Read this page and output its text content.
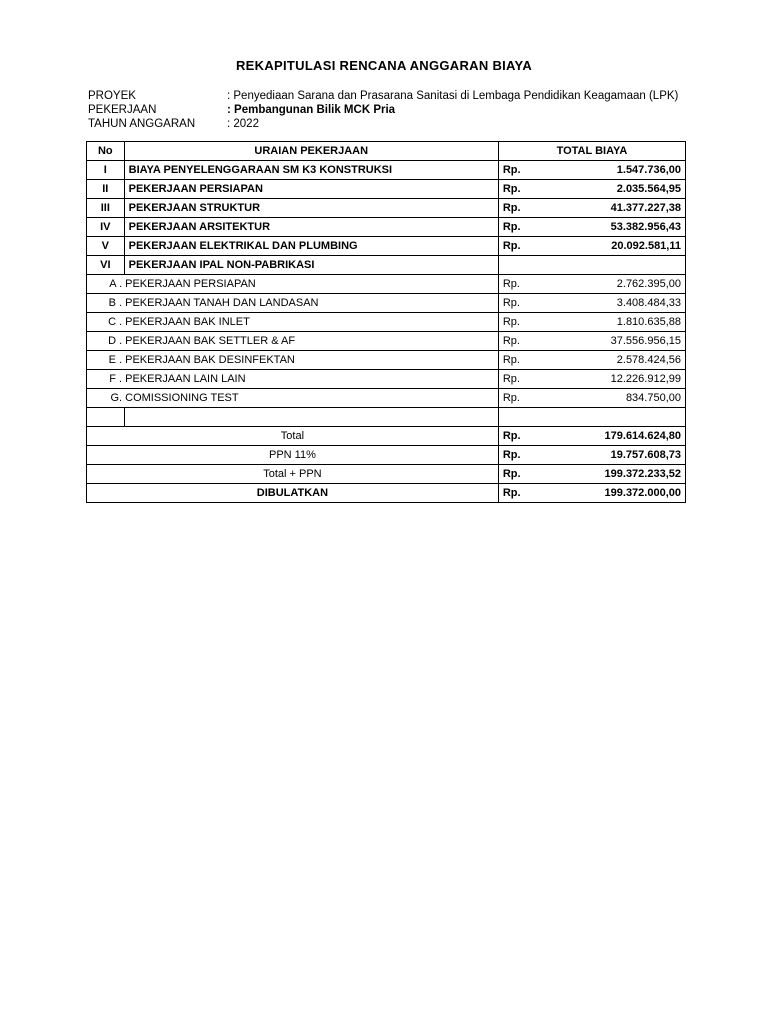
REKAPITULASI RENCANA ANGGARAN BIAYA
PROYEK	: Penyediaan Sarana dan Prasarana Sanitasi di Lembaga Pendidikan Keagamaan (LPK)
PEKERJAAN	: Pembangunan Bilik MCK Pria
TAHUN ANGGARAN	: 2022
No	URAIAN PEKERJAAN	TOTAL BIAYA	
I	BIAYA PENYELENGGARAAN SM K3 KONSTRUKSI	Rp.	1.547.736,00
II	PEKERJAAN PERSIAPAN	Rp.	2.035.564,95
III	PEKERJAAN STRUKTUR	Rp.	41.377.227,38
IV	PEKERJAAN ARSITEKTUR	Rp.	53.382.956,43
V	PEKERJAAN ELEKTRIKAL DAN PLUMBING	Rp.	20.092.581,11
VI	PEKERJAAN IPAL NON-PABRIKASI		
A .	PEKERJAAN PERSIAPAN	Rp.	2.762.395,00
B .	PEKERJAAN TANAH DAN LANDASAN	Rp.	3.408.484,33
C .	PEKERJAAN BAK INLET	Rp.	1.810.635,88
D .	PEKERJAAN BAK SETTLER & AF	Rp.	37.556.956,15
E .	PEKERJAAN BAK DESINFEKTAN	Rp.	2.578.424,56
F .	PEKERJAAN LAIN LAIN	Rp.	12.226.912,99
G.	COMISSIONING TEST	Rp.	834.750,00

Total		Rp.	179.614.624,80
PPN 11%		Rp.	19.757.608,73
Total + PPN		Rp.	199.372.233,52
DIBULATKAN		Rp.	199.372.000,00
